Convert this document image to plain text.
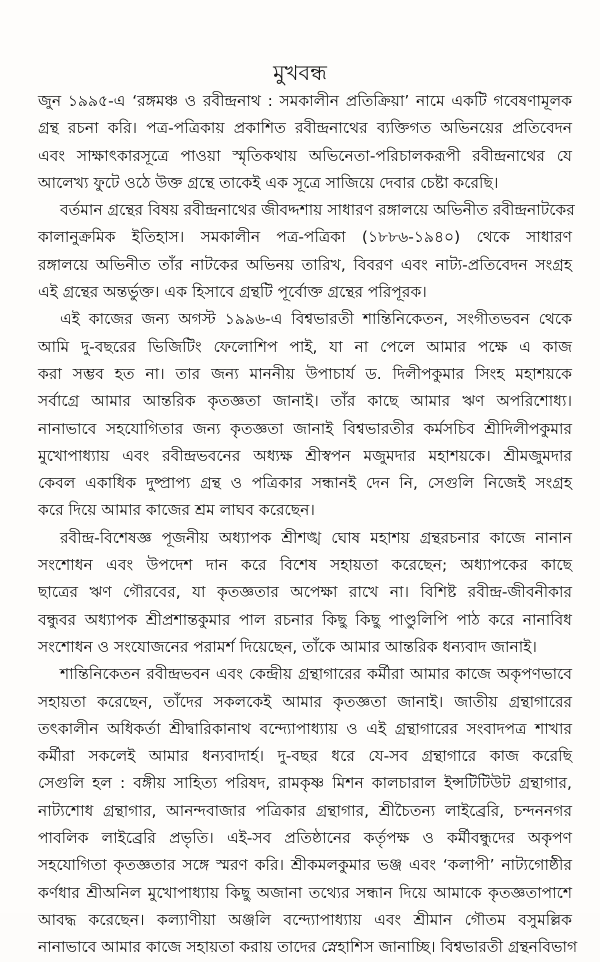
মুখবন্ধ
জুন ১৯৯৫-এ ‘রঙ্গমঞ্চ ও রবীন্দ্রনাথ : সমকালীন প্রতিক্রিয়া’ নামে একটি গবেষণামূলক
গ্রন্থ রচনা করি। পত্র-পত্রিকায় প্রকাশিত রবীন্দ্রনাথের ব্যক্তিগত অভিনয়ের প্রতিবেদন
এবং সাক্ষাৎকারসূত্রে পাওয়া স্মৃতিকথায় অভিনেতা-পরিচালকরূপী রবীন্দ্রনাথের যে
আলেখ্য ফুটে ওঠে উক্ত গ্রন্থে তাকেই এক সূত্রে সাজিয়ে দেবার চেষ্টা করেছি।
বর্তমান গ্রন্থের বিষয় রবীন্দ্রনাথের জীবদ্দশায় সাধারণ রঙ্গালয়ে অভিনীত রবীন্দ্রনাটকের
কালানুক্রমিক ইতিহাস। সমকালীন পত্র-পত্রিকা (১৮৮৬-১৯৪০) থেকে সাধারণ
রঙ্গালয়ে অভিনীত তাঁর নাটকের অভিনয় তারিখ, বিবরণ এবং নাট্য-প্রতিবেদন সংগ্রহ
এই গ্রন্থের অন্তর্ভুক্ত। এক হিসাবে গ্রন্থটি পূর্বোক্ত গ্রন্থের পরিপূরক।
এই কাজের জন্য অগস্ট ১৯৯৬-এ বিশ্বভারতী শান্তিনিকেতন, সংগীতভবন থেকে
আমি দু-বছরের ভিজিটিং ফেলোশিপ পাই, যা না পেলে আমার পক্ষে এ কাজ
করা সম্ভব হত না। তার জন্য মাননীয় উপাচার্য ড. দিলীপকুমার সিংহ মহাশয়কে
সর্বাগ্রে আমার আন্তরিক কৃতজ্ঞতা জানাই। তাঁর কাছে আমার ঋণ অপরিশোধ্য।
নানাভাবে সহযোগিতার জন্য কৃতজ্ঞতা জানাই বিশ্বভারতীর কর্মসচিব শ্রীদিলীপকুমার
মুখোপাধ্যায় এবং রবীন্দ্রভবনের অধ্যক্ষ শ্রীস্বপন মজুমদার মহাশয়কে। শ্রীমজুমদার
কেবল একাধিক দুষ্প্রাপ্য গ্রন্থ ও পত্রিকার সন্ধানই দেন নি, সেগুলি নিজেই সংগ্রহ
করে দিয়ে আমার কাজের শ্রম লাঘব করেছেন।
রবীন্দ্র-বিশেষজ্ঞ পূজনীয় অধ্যাপক শ্রীশঙ্খ ঘোষ মহাশয় গ্রন্থরচনার কাজে নানান
সংশোধন এবং উপদেশ দান করে বিশেষ সহায়তা করেছেন; অধ্যাপকের কাছে
ছাত্রের ঋণ গৌরবের, যা কৃতজ্ঞতার অপেক্ষা রাখে না। বিশিষ্ট রবীন্দ্র-জীবনীকার
বন্ধুবর অধ্যাপক শ্রীপ্রশান্তকুমার পাল রচনার কিছু কিছু পাণ্ডুলিপি পাঠ করে নানাবিধ
সংশোধন ও সংযোজনের পরামর্শ দিয়েছেন, তাঁকে আমার আন্তরিক ধন্যবাদ জানাই।
শান্তিনিকেতন রবীন্দ্রভবন এবং কেন্দ্রীয় গ্রন্থাগারের কর্মীরা আমার কাজে অকৃপণভাবে
সহায়তা করেছেন, তাঁদের সকলকেই আমার কৃতজ্ঞতা জানাই। জাতীয় গ্রন্থাগারের
তৎকালীন অধিকর্তা শ্রীদ্বারিকানাথ বন্দ্যোপাধ্যায় ও এই গ্রন্থাগারের সংবাদপত্র শাখার
কর্মীরা সকলেই আমার ধন্যবাদার্হ। দু-বছর ধরে যে-সব গ্রন্থাগারে কাজ করেছি
সেগুলি হল : বঙ্গীয় সাহিত্য পরিষদ, রামকৃষ্ণ মিশন কালচারাল ইন্সটিটিউট গ্রন্থাগার,
নাট্যশোধ গ্রন্থাগার, আনন্দবাজার পত্রিকার গ্রন্থাগার, শ্রীচৈতন্য লাইব্রেরি, চন্দননগর
পাবলিক লাইব্রেরি প্রভৃতি। এই-সব প্রতিষ্ঠানের কর্তৃপক্ষ ও কর্মীবন্ধুদের অকৃপণ
সহযোগিতা কৃতজ্ঞতার সঙ্গে স্মরণ করি। শ্রীকমলকুমার ভঞ্জ এবং ‘কলাপী’ নাট্যগোষ্ঠীর
কর্ণধার শ্রীঅনিল মুখোপাধ্যায় কিছু অজানা তথ্যের সন্ধান দিয়ে আমাকে কৃতজ্ঞতাপাশে
আবদ্ধ করেছেন। কল্যাণীয়া অঞ্জলি বন্দ্যোপাধ্যায় এবং শ্রীমান গৌতম বসুমল্লিক
নানাভাবে আমার কাজে সহায়তা করায় তাদের স্নেহাশিস জানাচ্ছি। বিশ্বভারতী গ্রন্থনবিভাগ
